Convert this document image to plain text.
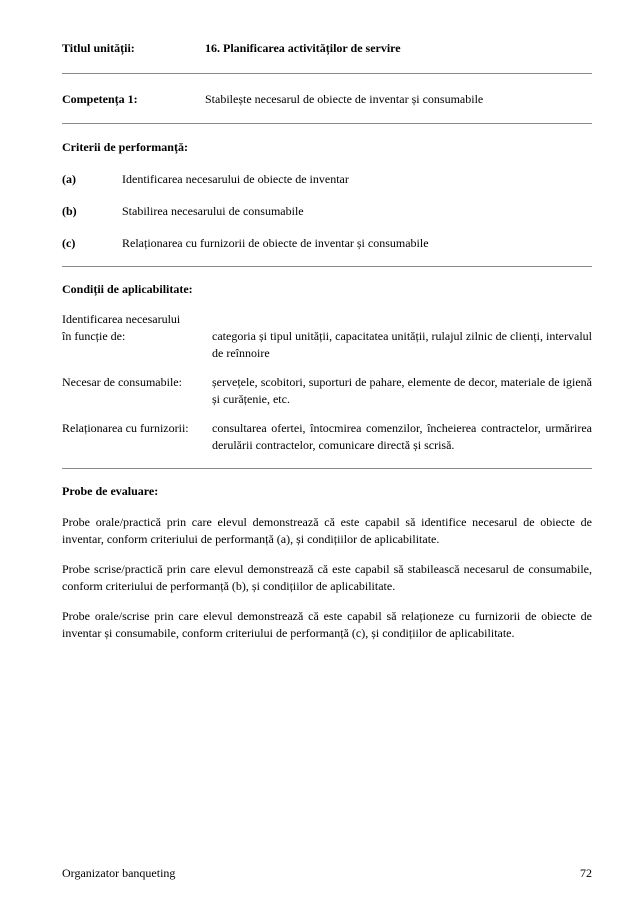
Titlul unității:	16. Planificarea activităților de servire
Competența 1:	Stabilește necesarul de obiecte de inventar și consumabile
Criterii de performanță:
(a)	Identificarea necesarului de obiecte de inventar
(b)	Stabilirea necesarului de consumabile
(c)	Relaționarea cu furnizorii de obiecte de inventar și consumabile
Condiții de aplicabilitate:
Identificarea necesarului
în funcție de:	categoria și tipul unității, capacitatea unității, rulajul zilnic de clienți, intervalul de reînnoire
Necesar de consumabile:	șervețele, scobitori, suporturi de pahare, elemente de decor, materiale de igienă și curățenie, etc.
Relaționarea cu furnizorii:	consultarea ofertei, întocmirea comenzilor, încheierea contractelor, urmărirea derulării contractelor, comunicare directă și scrisă.
Probe de evaluare:

Probe orale/practică prin care elevul demonstrează că este capabil să identifice necesarul de obiecte de inventar, conform criteriului de performanță (a), și condițiilor de aplicabilitate.

Probe scrise/practică prin care elevul demonstrează că este capabil să stabilească necesarul de consumabile, conform criteriului de performanță (b), și condițiilor de aplicabilitate.

Probe orale/scrise prin care elevul demonstrează că este capabil să relaționeze cu furnizorii de obiecte de inventar și consumabile, conform criteriului de performanță (c), și condițiilor de aplicabilitate.

Organizator banqueting	72
